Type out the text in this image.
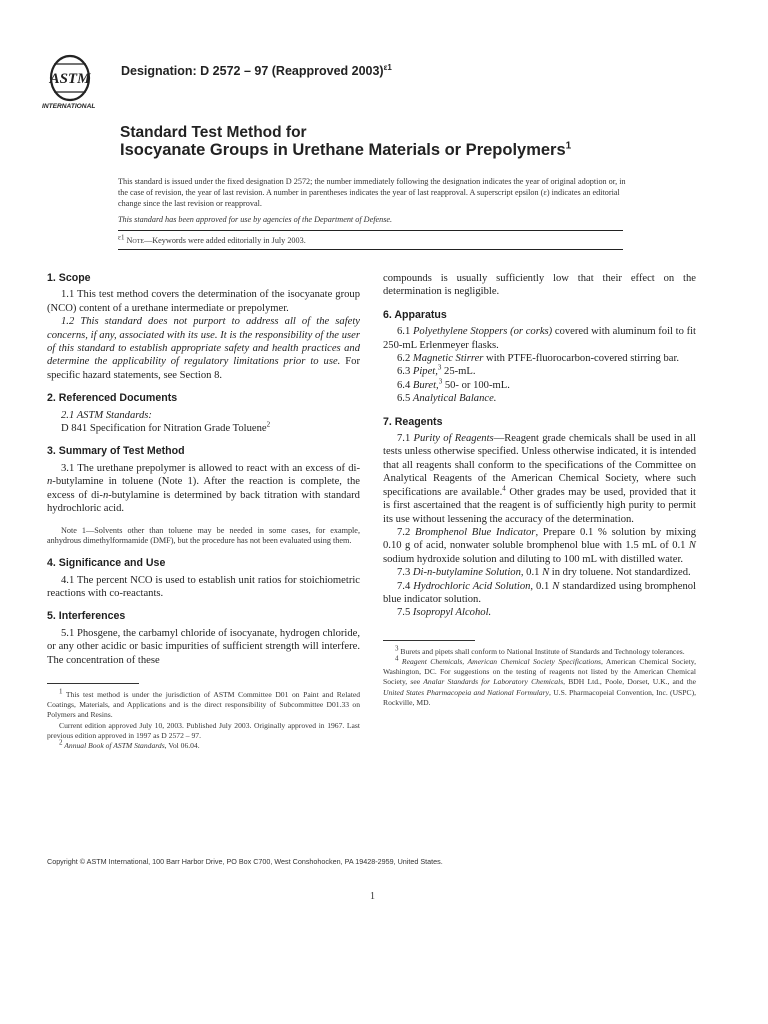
ASTM
INTERNATIONAL
Designation: D 2572 – 97 (Reapproved 2003)$^{\varepsilon 1}$
Standard Test Method for
Isocyanate Groups in Urethane Materials or Prepolymers$^1$
This standard is issued under the fixed designation D 2572; the number immediately following the designation indicates the year of original adoption or, in the case of revision, the year of last revision. A number in parentheses indicates the year of last reapproval. A superscript epsilon (ε) indicates an editorial change since the last revision or reapproval.
This standard has been approved for use by agencies of the Department of Defense.
$^{\varepsilon 1}$ Note—Keywords were added editorially in July 2003.
1. Scope

1.1 This test method covers the determination of the isocyanate group (NCO) content of a urethane intermediate or prepolymer.

1.2 This standard does not purport to address all of the safety concerns, if any, associated with its use. It is the responsibility of the user of this standard to establish appropriate safety and health practices and determine the applicability of regulatory limitations prior to use. For specific hazard statements, see Section 8.

2. Referenced Documents

2.1 ASTM Standards:

D 841 Specification for Nitration Grade Toluene$^2$

3. Summary of Test Method

3.1 The urethane prepolymer is allowed to react with an excess of di-n-butylamine in toluene (Note 1). After the reaction is complete, the excess of di-n-butylamine is determined by back titration with standard hydrochloric acid.

Note 1—Solvents other than toluene may be needed in some cases, for example, anhydrous dimethylformamide (DMF), but the procedure has not been evaluated using them.

4. Significance and Use

4.1 The percent NCO is used to establish unit ratios for stoichiometric reactions with co-reactants.

5. Interferences

5.1 Phosgene, the carbamyl chloride of isocyanate, hydrogen chloride, or any other acidic or basic impurities of sufficient strength will interfere. The concentration of these

$^1$ This test method is under the jurisdiction of ASTM Committee D01 on Paint and Related Coatings, Materials, and Applications and is the direct responsibility of Subcommittee D01.33 on Polymers and Resins.

Current edition approved July 10, 2003. Published July 2003. Originally approved in 1967. Last previous edition approved in 1997 as D 2572 – 97.

$^2$ Annual Book of ASTM Standards, Vol 06.04.

compounds is usually sufficiently low that their effect on the determination is negligible.

6. Apparatus

6.1 Polyethylene Stoppers (or corks) covered with aluminum foil to fit 250-mL Erlenmeyer flasks.

6.2 Magnetic Stirrer with PTFE-fluorocarbon-covered stirring bar.

6.3 Pipet,$^3$ 25-mL.

6.4 Buret,$^3$ 50- or 100-mL.

6.5 Analytical Balance.

7. Reagents

7.1 Purity of Reagents—Reagent grade chemicals shall be used in all tests unless otherwise specified. Unless otherwise indicated, it is intended that all reagents shall conform to the specifications of the Committee on Analytical Reagents of the American Chemical Society, where such specifications are available.$^4$ Other grades may be used, provided that it is first ascertained that the reagent is of sufficiently high purity to permit its use without lessening the accuracy of the determination.

7.2 Bromphenol Blue Indicator, Prepare 0.1 % solution by mixing 0.10 g of acid, nonwater soluble bromphenol blue with 1.5 mL of 0.1 N sodium hydroxide solution and diluting to 100 mL with distilled water.

7.3 Di-n-butylamine Solution, 0.1 N in dry toluene. Not standardized.

7.4 Hydrochloric Acid Solution, 0.1 N standardized using bromphenol blue indicator solution.

7.5 Isopropyl Alcohol.

$^3$ Burets and pipets shall conform to National Institute of Standards and Technology tolerances.

$^4$ Reagent Chemicals, American Chemical Society Specifications, American Chemical Society, Washington, DC. For suggestions on the testing of reagents not listed by the American Chemical Society, see Analar Standards for Laboratory Chemicals, BDH Ltd., Poole, Dorset, U.K., and the United States Pharmacopeia and National Formulary, U.S. Pharmacopeial Convention, Inc. (USPC), Rockville, MD.

Copyright © ASTM International, 100 Barr Harbor Drive, PO Box C700, West Conshohocken, PA 19428-2959, United States.
1
